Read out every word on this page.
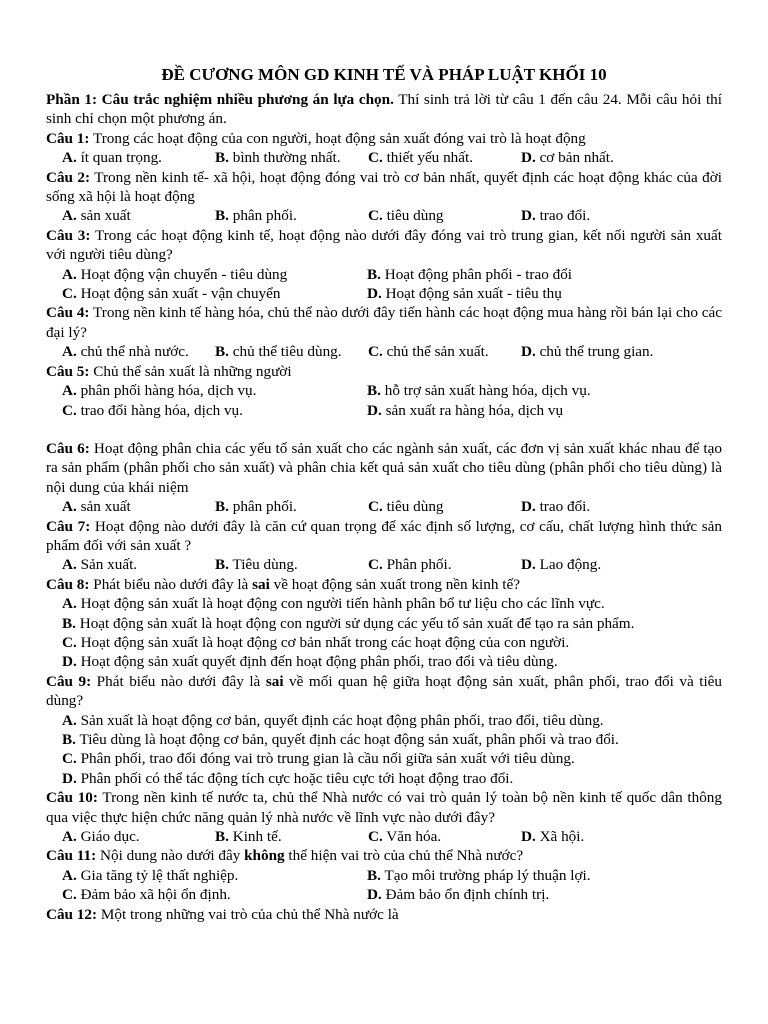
ĐỀ CƯƠNG MÔN GD KINH TẾ VÀ PHÁP LUẬT KHỐI 10

Phần 1: Câu trắc nghiệm nhiều phương án lựa chọn. Thí sinh trả lời từ câu 1 đến câu 24. Mỗi câu hỏi thí sinh chỉ chọn một phương án.

Câu 1: Trong các hoạt động của con người, hoạt động sản xuất đóng vai trò là hoạt động

A. ít quan trọng.	B. bình thường nhất.	C. thiết yếu nhất.	D. cơ bản nhất.

Câu 2: Trong nền kinh tế- xã hội, hoạt động đóng vai trò cơ bản nhất, quyết định các hoạt động khác của đời sống xã hội là hoạt động

A. sản xuất	B. phân phối.	C. tiêu dùng	D. trao đổi.

Câu 3: Trong các hoạt động kinh tế, hoạt động nào dưới đây đóng vai trò trung gian, kết nối người sản xuất với người tiêu dùng?

A. Hoạt động vận chuyển - tiêu dùng	B. Hoạt động phân phối - trao đổi
C. Hoạt động sản xuất - vận chuyển	D. Hoạt động sản xuất - tiêu thụ

Câu 4: Trong nền kinh tế hàng hóa, chủ thể nào dưới đây tiến hành các hoạt động mua hàng rồi bán lại cho các đại lý?

A. chủ thể nhà nước.	B. chủ thể tiêu dùng.	C. chủ thể sản xuất.	D. chủ thể trung gian.

Câu 5: Chủ thể sản xuất là những người

A. phân phối hàng hóa, dịch vụ.	B. hỗ trợ sản xuất hàng hóa, dịch vụ.
C. trao đổi hàng hóa, dịch vụ.	D. sản xuất ra hàng hóa, dịch vụ

Câu 6: Hoạt động phân chia các yếu tố sản xuất cho các ngành sản xuất, các đơn vị sản xuất khác nhau để tạo ra sản phẩm (phân phối cho sản xuất) và phân chia kết quả sản xuất cho tiêu dùng (phân phối cho tiêu dùng) là nội dung của khái niệm

A. sản xuất	B. phân phối.	C. tiêu dùng	D. trao đổi.

Câu 7: Hoạt động nào dưới đây là căn cứ quan trọng để xác định số lượng, cơ cấu, chất lượng hình thức sản phẩm đối với sản xuất ?

A. Sản xuất.	B. Tiêu dùng.	C. Phân phối.	D. Lao động.

Câu 8: Phát biểu nào dưới đây là sai về hoạt động sản xuất trong nền kinh tế?

A. Hoạt động sản xuất là hoạt động con người tiến hành phân bổ tư liệu cho các lĩnh vực.
B. Hoạt động sản xuất là hoạt động con người sử dụng các yếu tố sản xuất để tạo ra sản phẩm.
C. Hoạt động sản xuất là hoạt động cơ bản nhất trong các hoạt động của con người.
D. Hoạt động sản xuất quyết định đến hoạt động phân phối, trao đổi và tiêu dùng.

Câu 9: Phát biểu nào dưới đây là sai về mối quan hệ giữa hoạt động sản xuất, phân phối, trao đổi và tiêu dùng?

A. Sản xuất là hoạt động cơ bản, quyết định các hoạt động phân phối, trao đổi, tiêu dùng.
B. Tiêu dùng là hoạt động cơ bản, quyết định các hoạt động sản xuất, phân phối và trao đổi.
C. Phân phối, trao đổi đóng vai trò trung gian là cầu nối giữa sản xuất với tiêu dùng.
D. Phân phối có thể tác động tích cực hoặc tiêu cực tới hoạt động trao đổi.

Câu 10: Trong nền kinh tế nước ta, chủ thể Nhà nước có vai trò quản lý toàn bộ nền kinh tế quốc dân thông qua việc thực hiện chức năng quản lý nhà nước về lĩnh vực nào dưới đây?

A. Giáo dục.	B. Kinh tế.	C. Văn hóa.	D. Xã hội.

Câu 11: Nội dung nào dưới đây không thể hiện vai trò của chủ thể Nhà nước?

A. Gia tăng tỷ lệ thất nghiệp.	B. Tạo môi trường pháp lý thuận lợi.
C. Đảm bảo xã hội ổn định.	D. Đảm bảo ổn định chính trị.

Câu 12: Một trong những vai trò của chủ thể Nhà nước là
